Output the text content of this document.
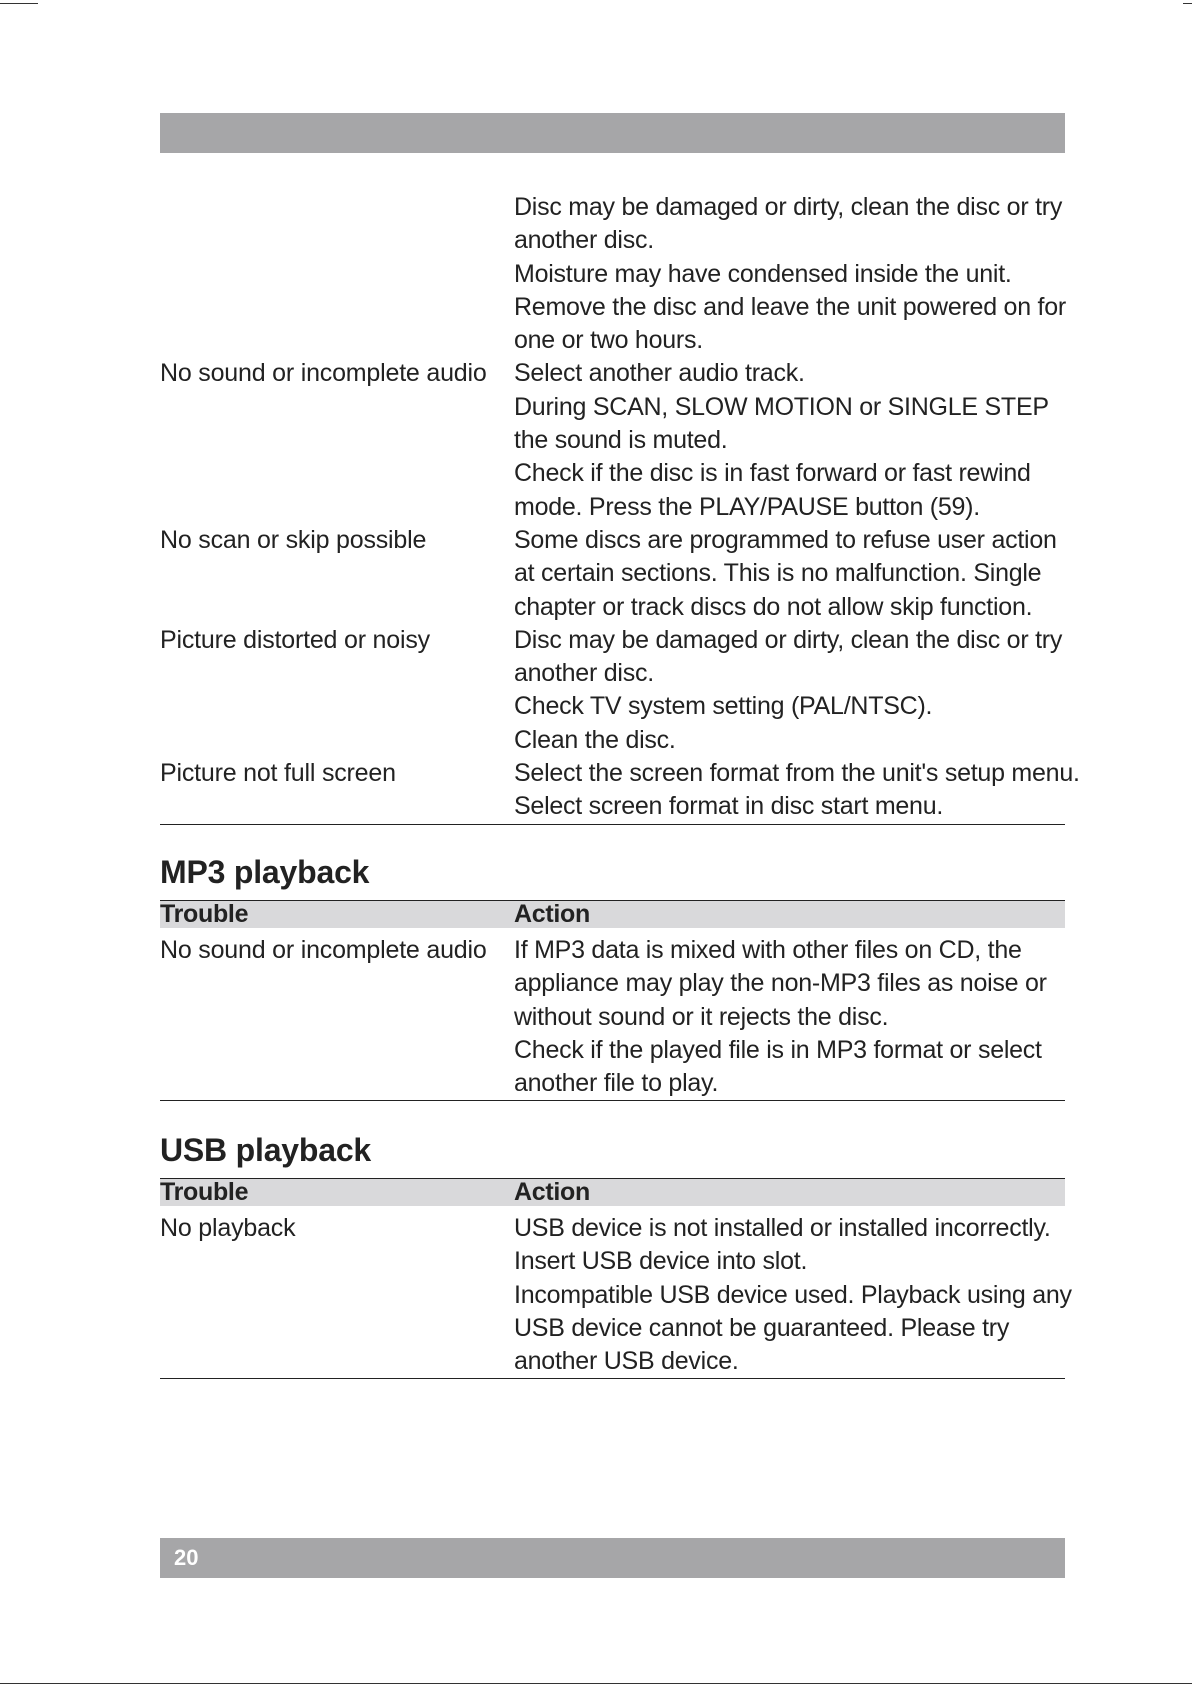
Disc may be damaged or dirty, clean the disc or try
another disc.
Moisture may have condensed inside the unit.
Remove the disc and leave the unit powered on for
one or two hours.
No sound or incomplete audio	Select another audio track.
During SCAN, SLOW MOTION or SINGLE STEP
the sound is muted.
Check if the disc is in fast forward or fast rewind
mode. Press the PLAY/PAUSE button (59).
No scan or skip possible	Some discs are programmed to refuse user action
at certain sections. This is no malfunction. Single
chapter or track discs do not allow skip function.
Picture distorted or noisy	Disc may be damaged or dirty, clean the disc or try
another disc.
Check TV system setting (PAL/NTSC).
Clean the disc.
Picture not full screen	Select the screen format from the unit's setup menu.
Select screen format in disc start menu.
MP3 playback
Trouble	Action
No sound or incomplete audio	If MP3 data is mixed with other files on CD, the
appliance may play the non-MP3 files as noise or
without sound or it rejects the disc.
Check if the played file is in MP3 format or select
another file to play.
USB playback
Trouble	Action
No playback	USB device is not installed or installed incorrectly.
Insert USB device into slot.
Incompatible USB device used. Playback using any
USB device cannot be guaranteed. Please try
another USB device.
20
